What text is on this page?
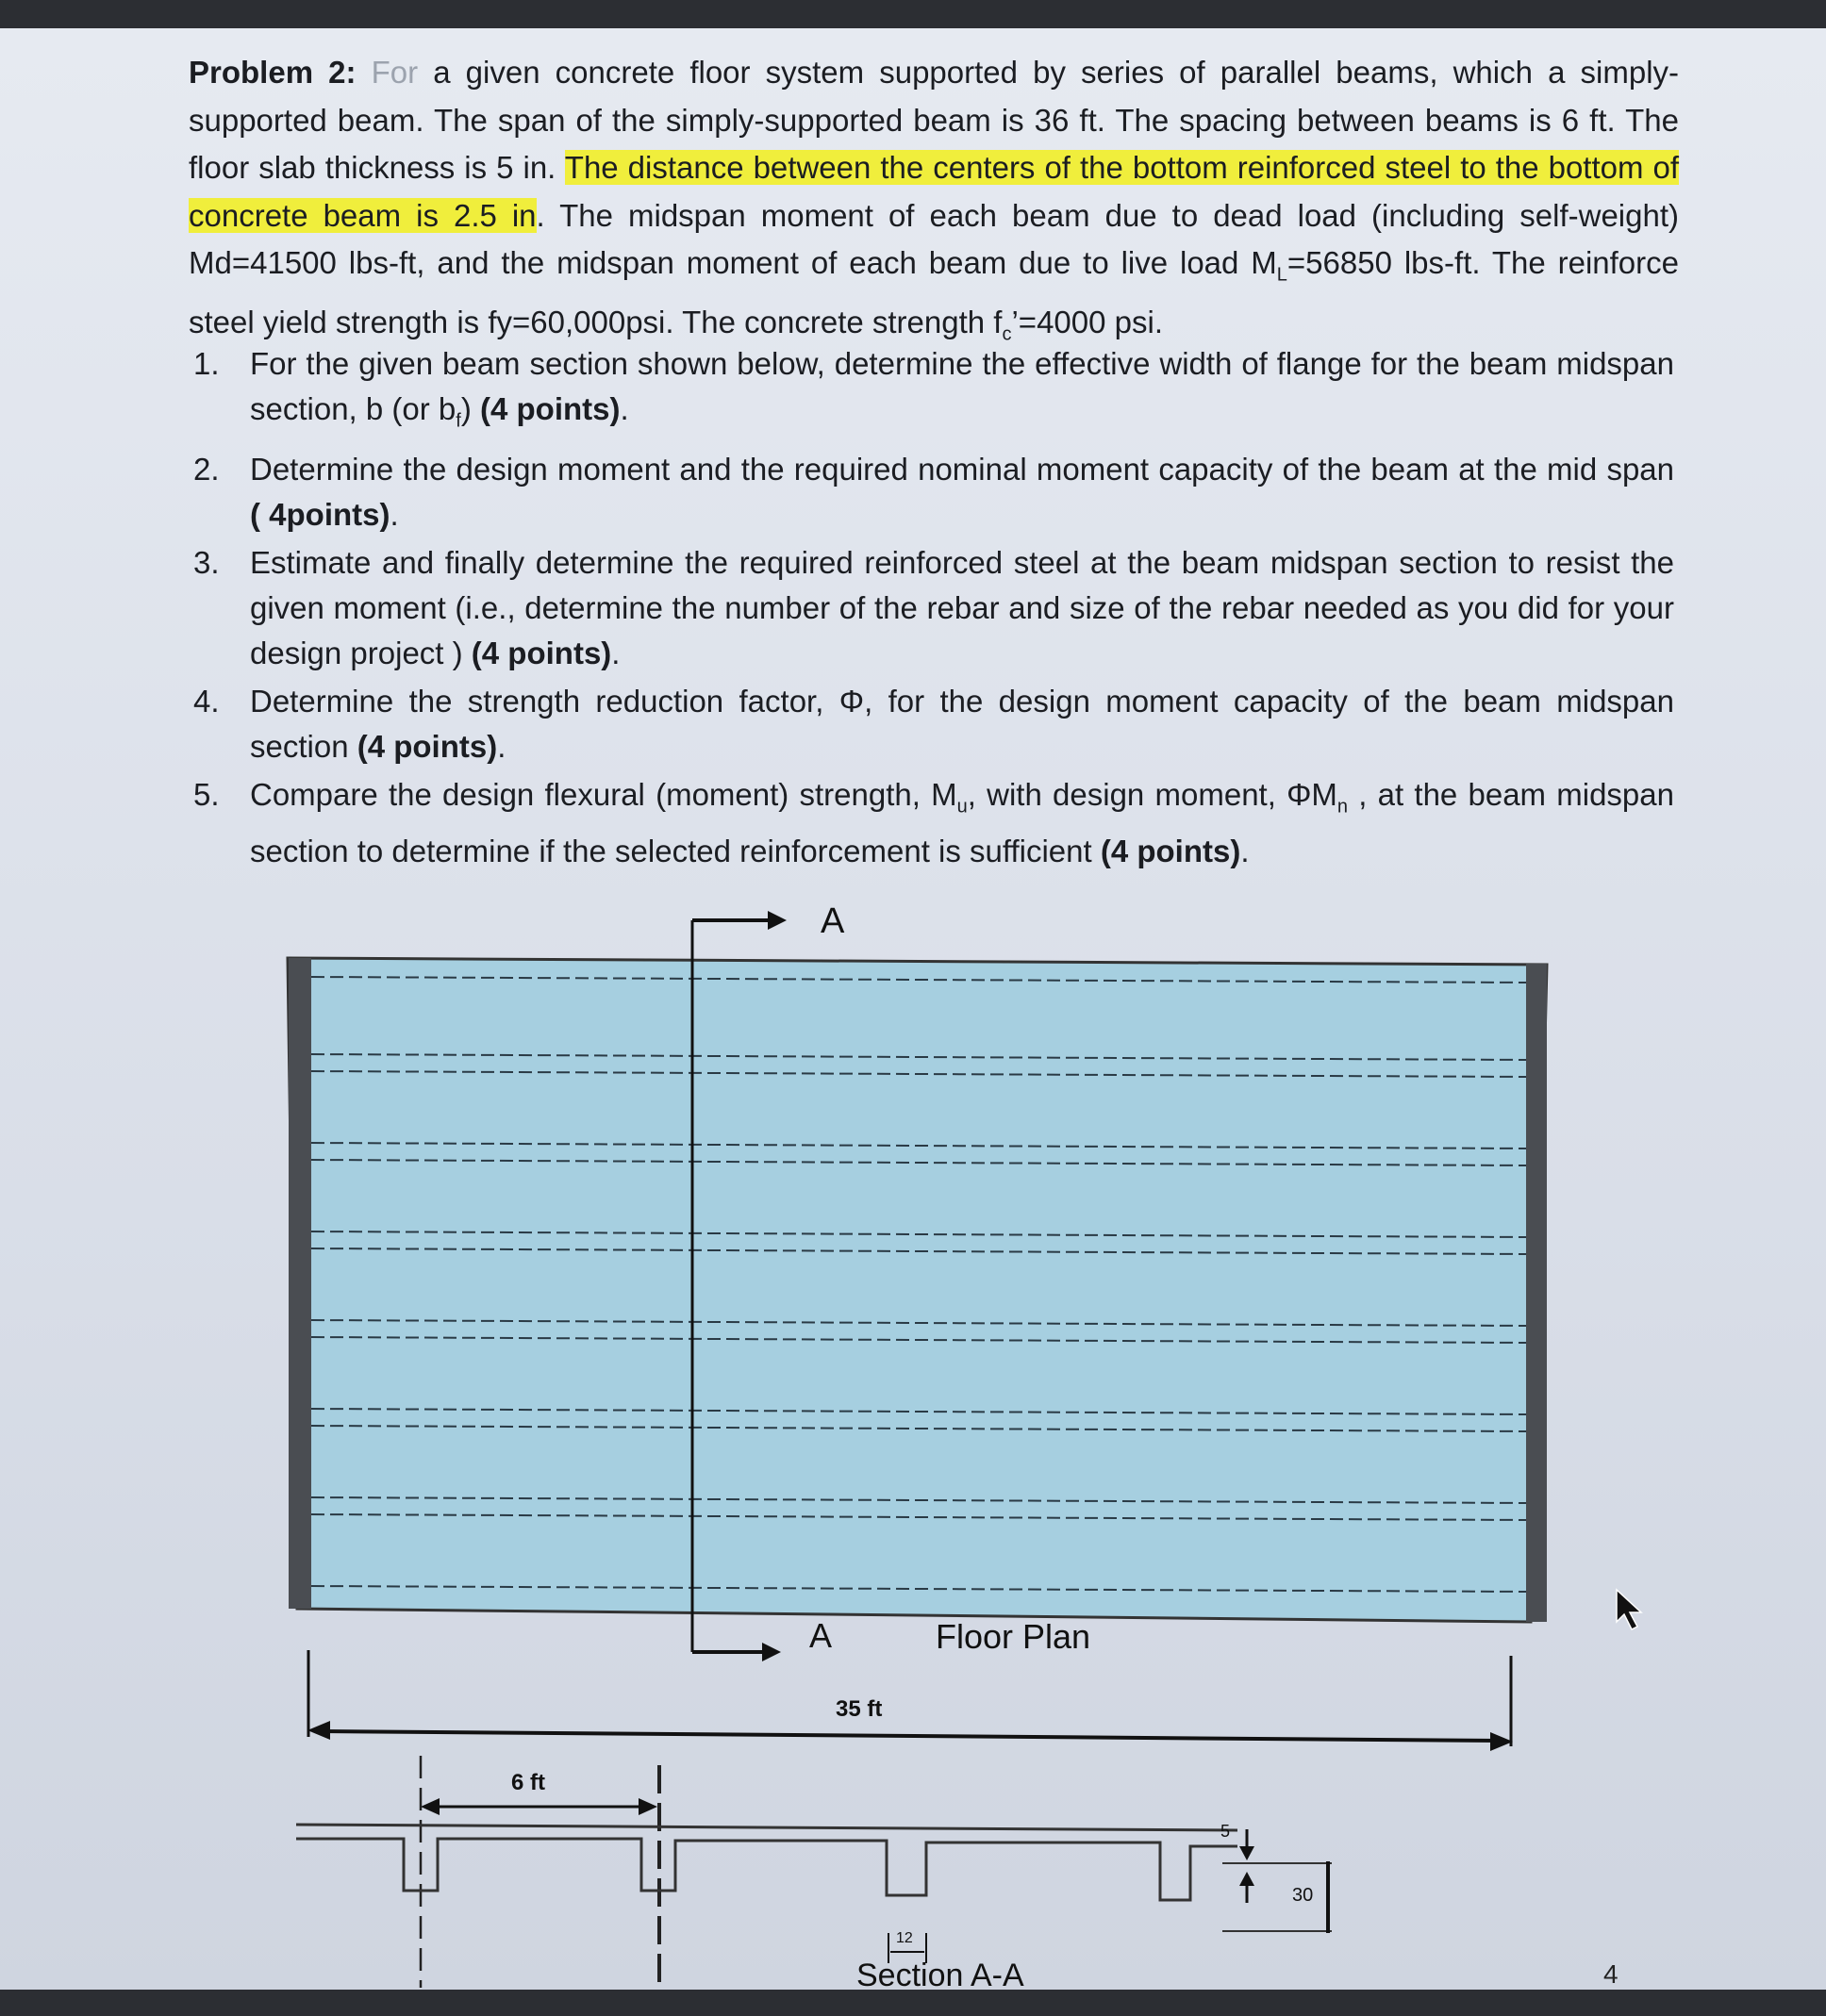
Problem 2: For a given concrete floor system supported by series of parallel beams, which a simply-supported beam. The span of the simply-supported beam is 36 ft. The spacing between beams is 6 ft. The floor slab thickness is 5 in. The distance between the centers of the bottom reinforced steel to the bottom of concrete beam is 2.5 in. The midspan moment of each beam due to dead load (including self-weight) Md=41500 lbs-ft, and the midspan moment of each beam due to live load $M_L=56850$ lbs-ft. The reinforce steel yield strength is fy=60,000psi. The concrete strength $f_c’=4000$ psi.
1. For the given beam section shown below, determine the effective width of flange for the beam midspan section, b (or $b_f$) (4 points).
2. Determine the design moment and the required nominal moment capacity of the beam at the mid span ( 4points).
3. Estimate and finally determine the required reinforced steel at the beam midspan section to resist the given moment (i.e., determine the number of the rebar and size of the rebar needed as you did for your design project ) (4 points).
4. Determine the strength reduction factor, Φ, for the design moment capacity of the beam midspan section (4 points).
5. Compare the design flexural (moment) strength, $M_u$, with design moment, $\Phi M_n$ , at the beam midspan section to determine if the selected reinforcement is sufficient (4 points).
A
A	Floor Plan
35 ft
6 ft
5
30
12
Section A-A	4
